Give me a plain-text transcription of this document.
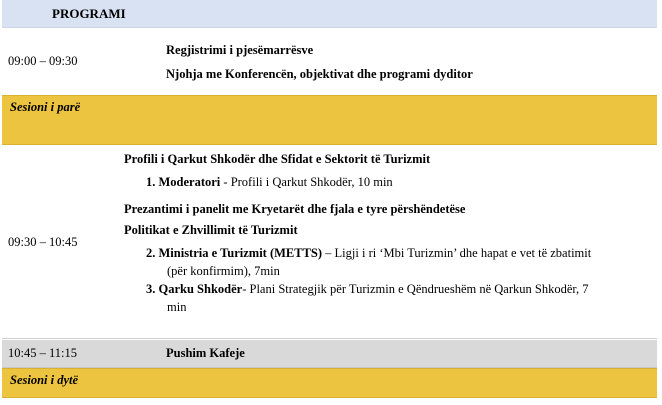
PROGRAMI
09:00 – 09:30
Regjistrimi i pjesëmarrësve
Njohja me Konferencën, objektivat dhe programi dyditor
Sesioni i parë
09:30 – 10:45
Profili i Qarkut Shkodër dhe Sfidat e Sektorit të Turizmit
1. Moderatori - Profili i Qarkut Shkodër, 10 min
Prezantimi i panelit me Kryetarët dhe fjala e tyre përshëndetëse
Politikat e Zhvillimit të Turizmit
2. Ministria e Turizmit (METTS) – Ligji i ri ‘Mbi Turizmin’ dhe hapat e vet të zbatimit
(për konfirmim), 7min
3. Qarku Shkodër- Plani Strategjik për Turizmin e Qëndrueshëm në Qarkun Shkodër, 7
min
10:45 – 11:15	Pushim Kafeje
Sesioni i dytë
